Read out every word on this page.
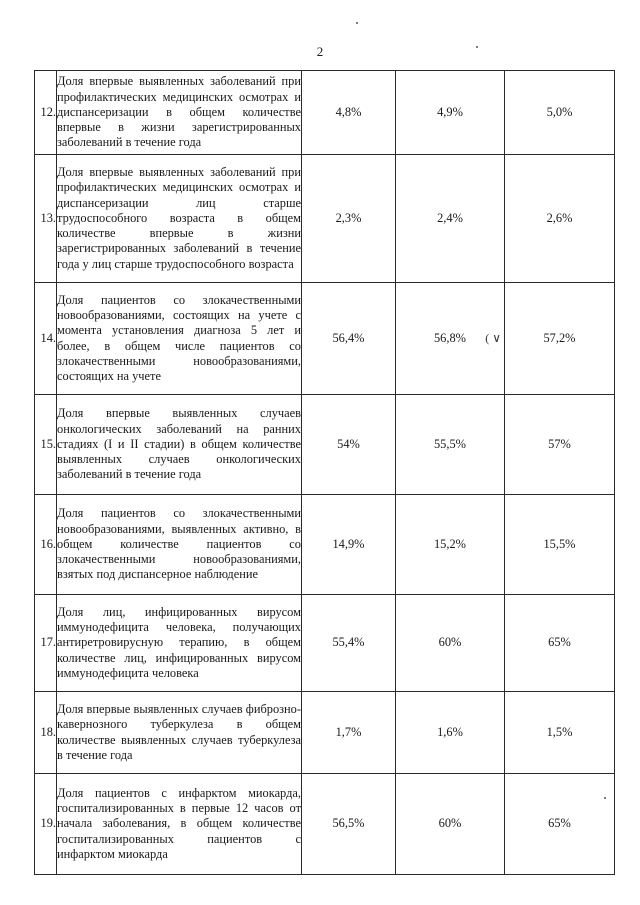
2
12.	Доля впервые выявленных заболеваний при профилактических медицинских осмотрах и диспансеризации в общем количестве впервые в жизни зарегистрированных заболеваний в течение года	4,8%	4,9%	5,0%
13.	Доля впервые выявленных заболеваний при профилактических медицинских осмотрах и диспансеризации лиц старше трудоспособного возраста в общем количестве впервые в жизни зарегистрированных заболеваний в течение года у лиц старше трудоспособного возраста	2,3%	2,4%	2,6%
14.	Доля пациентов со злокачественными новообразованиями, состоящих на учете с момента установления диагноза 5 лет и более, в общем числе пациентов со злокачественными новообразованиями, состоящих на учете	56,4%	56,8% ( ∨	57,2%
15.	Доля впервые выявленных случаев онкологических заболеваний на ранних стадиях (I и II стадии) в общем количестве выявленных случаев онкологических заболеваний в течение года	54%	55,5%	57%
16.	Доля пациентов со злокачественными новообразованиями, выявленных активно, в общем количестве пациентов со злокачественными новообразованиями, взятых под диспансерное наблюдение	14,9%	15,2%	15,5%
17.	Доля лиц, инфицированных вирусом иммунодефицита человека, получающих антиретровирусную терапию, в общем количестве лиц, инфицированных вирусом иммунодефицита человека	55,4%	60%	65%
18.	Доля впервые выявленных случаев фиброзно-кавернозного туберкулеза в общем количестве выявленных случаев туберкулеза в течение года	1,7%	1,6%	1,5%
19.	Доля пациентов с инфарктом миокарда, госпитализированных в первые 12 часов от начала заболевания, в общем количестве госпитализированных пациентов с инфарктом миокарда	56,5%	60%	65%
